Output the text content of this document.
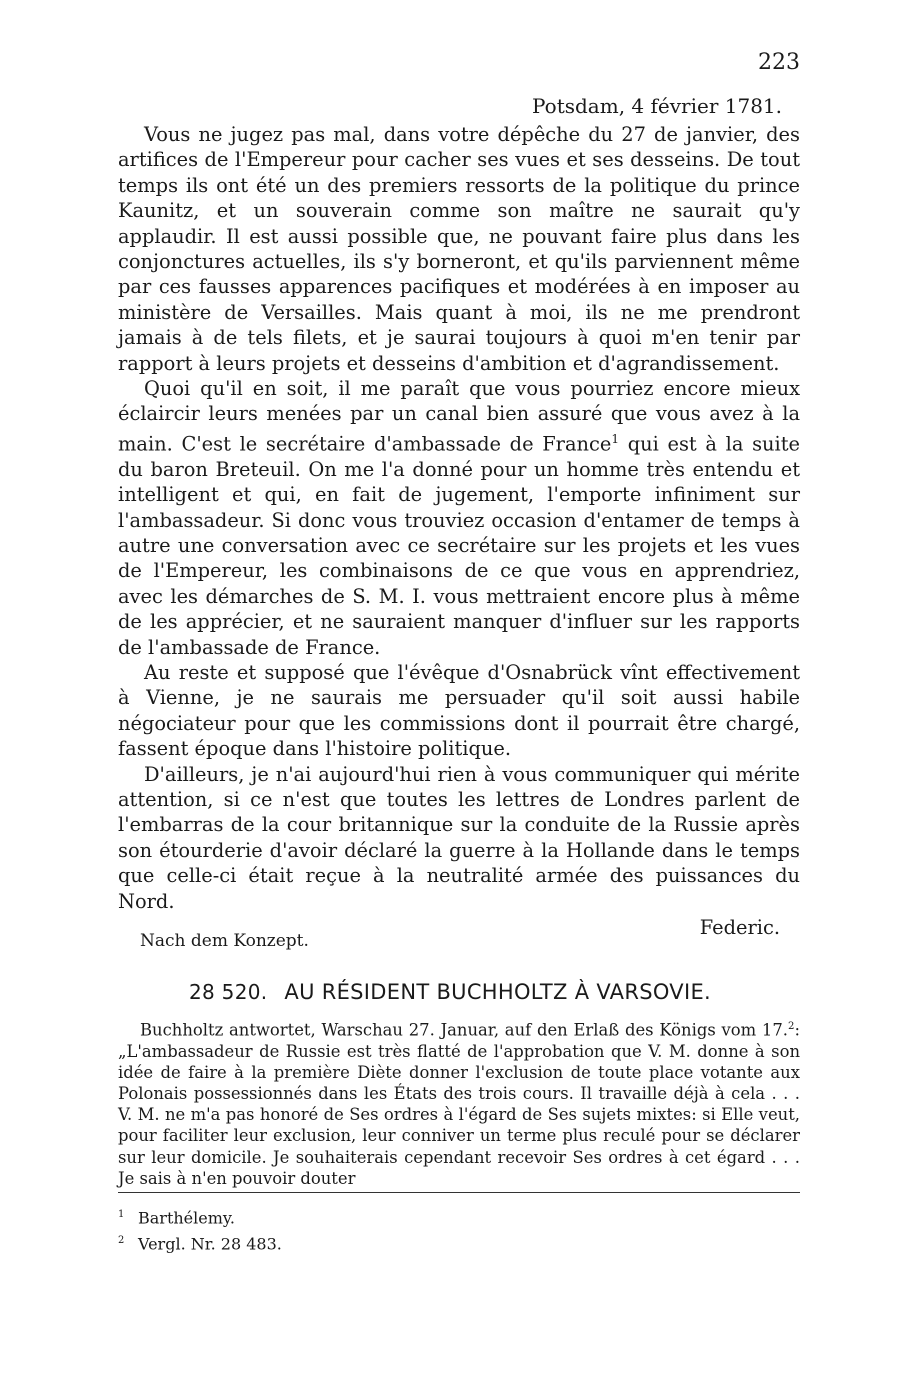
223
Potsdam, 4 février 1781.

Vous ne jugez pas mal, dans votre dépêche du 27 de janvier, des artifices de l'Empereur pour cacher ses vues et ses desseins. De tout temps ils ont été un des premiers ressorts de la politique du prince Kaunitz, et un souverain comme son maître ne saurait qu'y applaudir. Il est aussi possible que, ne pouvant faire plus dans les conjonctures actuelles, ils s'y borneront, et qu'ils parviennent même par ces fausses apparences pacifiques et modérées à en imposer au ministère de Versailles. Mais quant à moi, ils ne me prendront jamais à de tels filets, et je saurai toujours à quoi m'en tenir par rapport à leurs projets et desseins d'ambition et d'agrandissement.

Quoi qu'il en soit, il me paraît que vous pourriez encore mieux éclaircir leurs menées par un canal bien assuré que vous avez à la main. C'est le secrétaire d'ambassade de France$^1$ qui est à la suite du baron Breteuil. On me l'a donné pour un homme très entendu et intelligent et qui, en fait de jugement, l'emporte infiniment sur l'ambassadeur. Si donc vous trouviez occasion d'entamer de temps à autre une conversation avec ce secrétaire sur les projets et les vues de l'Empereur, les combinaisons de ce que vous en apprendriez, avec les démarches de S. M. I. vous mettraient encore plus à même de les apprécier, et ne sauraient manquer d'influer sur les rapports de l'ambassade de France.

Au reste et supposé que l'évêque d'Osnabrück vînt effectivement à Vienne, je ne saurais me persuader qu'il soit aussi habile négociateur pour que les commissions dont il pourrait être chargé, fassent époque dans l'histoire politique.

D'ailleurs, je n'ai aujourd'hui rien à vous communiquer qui mérite attention, si ce n'est que toutes les lettres de Londres parlent de l'embarras de la cour britannique sur la conduite de la Russie après son étourderie d'avoir déclaré la guerre à la Hollande dans le temps que celle-ci était reçue à la neutralité armée des puissances du Nord.

Federic.
Nach dem Konzept.
28 520. AU RÉSIDENT BUCHHOLTZ À VARSOVIE.

Buchholtz antwortet, Warschau 27. Januar, auf den Erlaß des Königs vom 17.$^2$: „L'ambassadeur de Russie est très flatté de l'approbation que V. M. donne à son idée de faire à la première Diète donner l'exclusion de toute place votante aux Polonais possessionnés dans les États des trois cours. Il travaille déjà à cela . . . V. M. ne m'a pas honoré de Ses ordres à l'égard de Ses sujets mixtes: si Elle veut, pour faciliter leur exclusion, leur conniver un terme plus reculé pour se déclarer sur leur domicile. Je souhaiterais cependant recevoir Ses ordres à cet égard . . . Je sais à n'en pouvoir douter

$^1$ Barthélemy.
$^2$ Vergl. Nr. 28 483.
